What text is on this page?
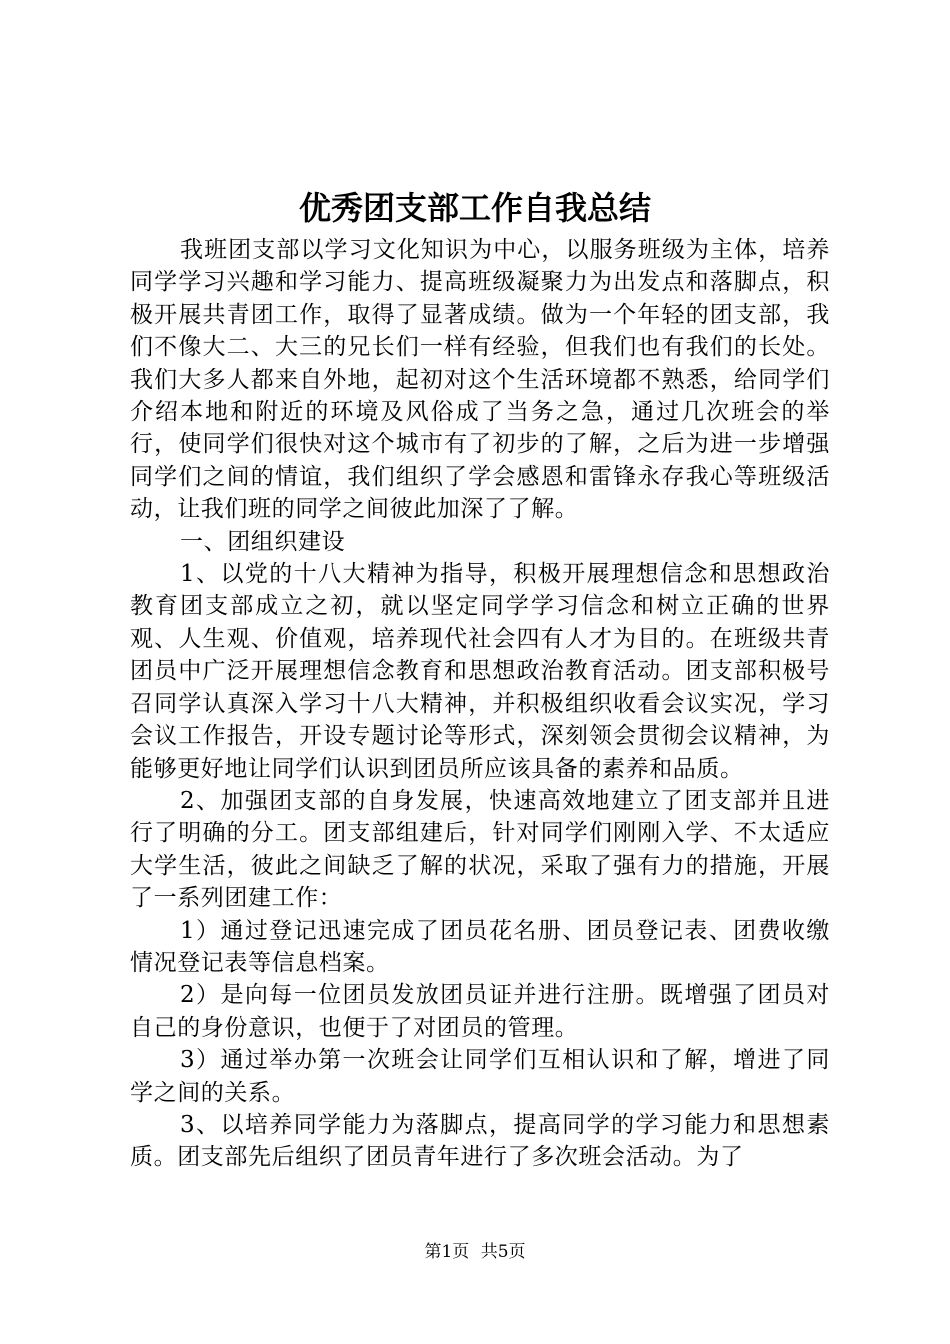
优秀团支部工作自我总结

我班团支部以学习文化知识为中心，以服务班级为主体，培养同学学习兴趣和学习能力、提高班级凝聚力为出发点和落脚点，积极开展共青团工作，取得了显著成绩。做为一个年轻的团支部，我们不像大二、大三的兄长们一样有经验，但我们也有我们的长处。我们大多人都来自外地，起初对这个生活环境都不熟悉，给同学们介绍本地和附近的环境及风俗成了当务之急，通过几次班会的举行，使同学们很快对这个城市有了初步的了解，之后为进一步增强同学们之间的情谊，我们组织了学会感恩和雷锋永存我心等班级活动，让我们班的同学之间彼此加深了了解。

一、团组织建设

1、以党的十八大精神为指导，积极开展理想信念和思想政治教育团支部成立之初，就以坚定同学学习信念和树立正确的世界观、人生观、价值观，培养现代社会四有人才为目的。在班级共青团员中广泛开展理想信念教育和思想政治教育活动。团支部积极号召同学认真深入学习十八大精神，并积极组织收看会议实况，学习会议工作报告，开设专题讨论等形式，深刻领会贯彻会议精神，为能够更好地让同学们认识到团员所应该具备的素养和品质。

2、加强团支部的自身发展，快速高效地建立了团支部并且进行了明确的分工。团支部组建后，针对同学们刚刚入学、不太适应大学生活，彼此之间缺乏了解的状况，采取了强有力的措施，开展了一系列团建工作：

1）通过登记迅速完成了团员花名册、团员登记表、团费收缴情况登记表等信息档案。

2）是向每一位团员发放团员证并进行注册。既增强了团员对自己的身份意识，也便于了对团员的管理。

3）通过举办第一次班会让同学们互相认识和了解，增进了同学之间的关系。

3、以培养同学能力为落脚点，提高同学的学习能力和思想素质。团支部先后组织了团员青年进行了多次班会活动。为了

第1页 共5页
